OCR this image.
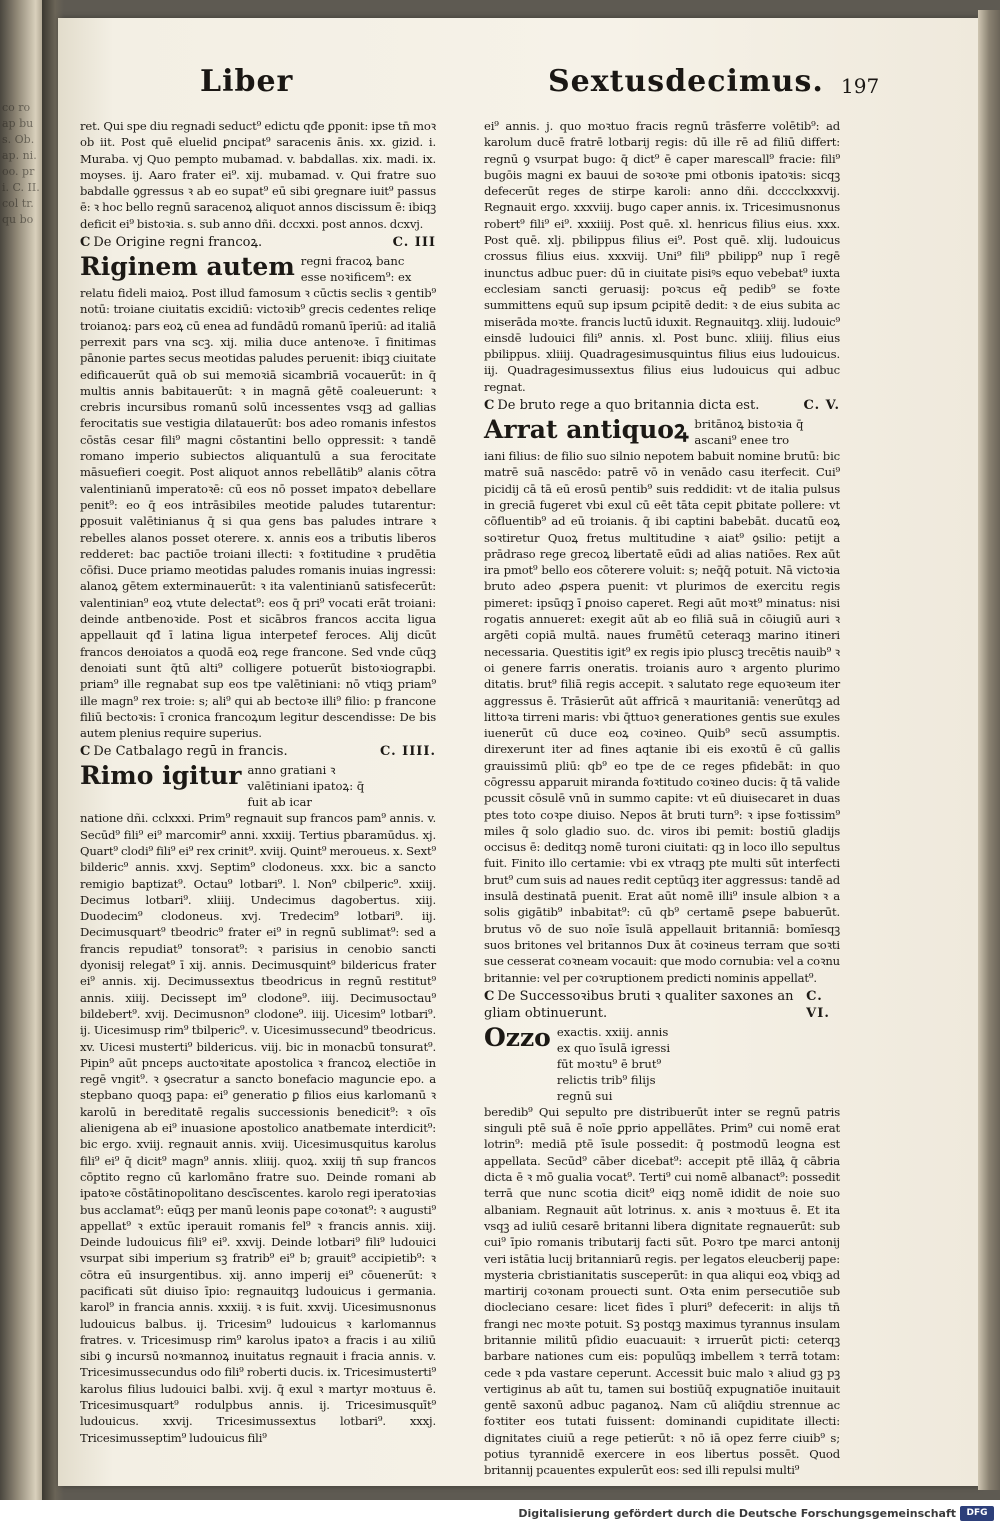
co ro ap bus. Ob. ap. ni. oo. pri. C. II. col tr. qu bo
Liber	Sextusdecimus. 197

ret. Qui spe diu regnadi seduct⁹ edictu qđe ꝑponit: ipse tn̄ moꝛ ob iit. Post quē eluelid ꝑncipat⁹ saracenis ānis. xx. gizid. i. Muraba. vj Quo pempto mubamad. v. babdallas. xix. madi. ix. moyses. ij. Aaro frater ei⁹. xij. mubamad. v. Qui fratre suo babdalle ꝯgressus ꝛ ab eo supat⁹ eū sibi ꝯregnare iuit⁹ passus ē: ꝛ hoc bello regnū saracenoꝝ aliquot annos discissum ē: ibiqꝫ deficit ei⁹ bistoꝛia. s. sub anno dñi. dccxxi. post annos. dcxvj.

C De Origine regni francoꝝ.	C. III
Riginem autem regni fracoꝝ banc esse noꝛificem⁹: ex

relatu fideli maioꝝ. Post illud famosum ꝛ cūctis seclis ꝛ gentib⁹ notū: troiane ciuitatis excidiū: victoꝛib⁹ grecis cedentes reliqe troianoꝝ: pars eoꝝ cū enea ad fundādū romanū īperiū: ad italiā perrexit pars vna scꝫ. xij. milia duce antenoꝛe. ī finitimas pānonie partes secus meotidas paludes peruenit: ibiqꝫ ciuitate edificauerūt quā ob sui memoꝛiā sicambriā vocauerūt: in q̄ multis annis babitauerūt: ꝛ in magnā gētē coaleuerunt: ꝛ crebris incursibus romanū solū incessentes vsqꝫ ad gallias ferocitatis sue vestigia dilatauerūt: bos adeo romanis infestos cōstās cesar fili⁹ magni cōstantini bello oppressit: ꝛ tandē romano imperio subiectos aliquantulū a sua ferocitate māsuefieri coegit. Post aliquot annos rebellātib⁹ alanis cōtra valentinianū imperatoꝛē: cū eos nō posset impatoꝛ debellare penit⁹: eo q̄ eos intrāsibiles meotide paludes tutarentur: ꝑposuit valētinianus q̄ si qua gens bas paludes intrare ꝛ rebelles alanos posset oterere. x. annis eos a tributis liberos redderet: bac pactiōe troiani illecti: ꝛ foꝛtitudine ꝛ prudētia cōfisi. Duce priamo meotidas paludes romanis inuias ingressi: alanoꝝ gētem exterminauerūt: ꝛ ita valentinianū satisfecerūt: valentinian⁹ eoꝝ vtute delectat⁹: eos q̄ pri⁹ vocati erāt troiani: deinde antbenoꝛide. Post et sicābros francos accita ligua appellauit qđ ī latina ligua interpetef feroces. Alij dicūt francos deноiatos a quodā eoꝝ rege francone. Sed vnde cūqꝫ denoiati sunt q̄tū alti⁹ colligere potuerūt bistoꝛiograpbi. priam⁹ ille regnabat sup eos tpe valētiniani: nō vtiqꝫ priam⁹ ille magn⁹ rex troie: s; ali⁹ qui ab bectoꝛe illi⁹ filio: p francone filiū bectoꝛis: ī cronica francoꝝum legitur descendisse: De bis autem plenius require superius.

C De Catbalago regū in francis.	C. IIII.
Rimo igitur anno gratiani ꝛ valētiniani ipatoꝝ: q̄ fuit ab icar

natione dñi. cclxxxi. Prim⁹ regnauit sup francos pam⁹ annis. v. Secūd⁹ fili⁹ ei⁹ marcomir⁹ anni. xxxiij. Tertius pbaramūdus. xj. Quart⁹ clodi⁹ fili⁹ ei⁹ rex crinit⁹. xviij. Quint⁹ meroueus. x. Sext⁹ bilderic⁹ annis. xxvj. Septim⁹ clodoneus. xxx. bic a sancto remigio baptizat⁹. Octau⁹ lotbari⁹. l. Non⁹ cbilperic⁹. xxiij. Decimus lotbari⁹. xliiij. Undecimus dagobertus. xiij. Duodecim⁹ clodoneus. xvj. Tredecim⁹ lotbari⁹. iij. Decimusquart⁹ tbeodric⁹ frater ei⁹ in regnū sublimat⁹: sed a francis repudiat⁹ tonsorat⁹: ꝛ parisius in cenobio sancti dyonisij relegat⁹ ī xij. annis. Decimusquint⁹ bildericus frater ei⁹ annis. xij. Decimussextus tbeodricus in regnū restitut⁹ annis. xiiij. Decissept im⁹ clodone⁹. iiij. Decimusoctau⁹ bildebert⁹. xvij. Decimusnon⁹ clodone⁹. iiij. Uicesim⁹ lotbari⁹. ij. Uicesimusp rim⁹ tbilperic⁹. v. Uicesimussecund⁹ tbeodricus. xv. Uicesi musterti⁹ bildericus. viij. bic in monacbū tonsurat⁹. Pipin⁹ aūt pnceps auctoꝛitate apostolica ꝛ francoꝝ electiōe in regē vngit⁹. ꝛ ꝯsecratur a sancto bonefacio maguncie epo. a stepbano quoqꝫ papa: ei⁹ generatio ꝑ filios eius karlomanū ꝛ karolū in bereditatē regalis successionis benedicit⁹: ꝛ oīs alienigena ab ei⁹ inuasione apostolico anatbemate interdicit⁹: bic ergo. xviij. regnauit annis. xviij. Uicesimusquitus karolus fili⁹ ei⁹ q̄ dicit⁹ magn⁹ annis. xliiij. quoꝝ. xxiij tn̄ sup francos cōptito regno cū karlomāno fratre suo. Deinde romani ab ipatoꝛe cōstātinopolitano descīscentes. karolo regi iperatoꝛias bus acclamat⁹: eūqꝫ per manū leonis pape coꝛonat⁹: ꝛ augusti⁹ appellat⁹ ꝛ extūc iperauit romanis fel⁹ ꝛ francis annis. xiij. Deinde ludouicus fili⁹ ei⁹. xxvij. Deinde lotbari⁹ fili⁹ ludouici vsurpat sibi imperium sꝫ fratrib⁹ ei⁹ b; grauit⁹ accipietib⁹: ꝛ cōtra eū insurgentibus. xij. anno imperij ei⁹ cōuenerūt: ꝛ pacificati sūt diuiso īpio: regnauitqꝫ ludouicus i germania. karol⁹ in francia annis. xxxiij. ꝛ is fuit. xxvij. Uicesimusnonus ludouicus balbus. ij. Tricesim⁹ ludouicus ꝛ karlomannus fratres. v. Tricesimusp rim⁹ karolus ipatoꝛ a fracis i au xiliū sibi ꝯ incursū noꝛmannoꝝ inuitatus regnauit i fracia annis. v. Tricesimussecundus odo fili⁹ roberti ducis. ix. Tricesimusterti⁹ karolus filius ludouici balbi. xvij. q̄ exul ꝛ martyr moꝛtuus ē. Tricesimusquart⁹ rodulpbus annis. ij. Tricesimusquīt⁹ ludouicus. xxvij. Tricesimussextus lotbari⁹. xxxj. Tricesimusseptim⁹ ludouicus fili⁹

ei⁹ annis. j. quo moꝛtuo fracis regnū trāsferre volētib⁹: ad karolum ducē fratrē lotbarij regis: dū ille rē ad filiū differt: regnū ꝯ vsurpat bugo: q̄ dict⁹ ē caper marescall⁹ fracie: fili⁹ bugōis magni ex bauui de soꝛoꝛe pmi otbonis ipatoꝛis: sicqꝫ defecerūt reges de stirpe karoli: anno dñi. dcccclxxxvij. Regnauit ergo. xxxviij. bugo caper annis. ix. Tricesimusnonus robert⁹ fili⁹ ei⁹. xxxiiij. Post quē. xl. henricus filius eius. xxx. Post quē. xlj. pbilippus filius ei⁹. Post quē. xlij. ludouicus crossus filius eius. xxxviij. Uni⁹ fili⁹ pbilipp⁹ nup ī regē inunctus adbuc puer: dū in ciuitate pisiꝰs equo vebebat⁹ iuxta ecclesiam sancti geruasij: poꝛcus eq̄ pedib⁹ se foꝛte summittens equū sup ipsum ꝑcipitē dedit: ꝛ de eius subita ac miserāda moꝛte. francis luctū iduxit. Regnauitqꝫ. xliij. ludouic⁹ einsdē ludouici fili⁹ annis. xl. Post bunc. xliiij. filius eius pbilippus. xliiij. Quadragesimusquintus filius eius ludouicus. iij. Quadragesimussextus filius eius ludouicus qui adbuc regnat.

C De bruto rege a quo britannia dicta est.	C. V.
Arrat antiquoꝝ britānoꝝ bistoꝛia q̄ ascani⁹ enee tro

iani filius: de filio suo silnio nepotem babuit nomine brutū: bic matrē suā nascēdo: patrē vō in venādo casu iterfecit. Cui⁹ picidij cā tā eū erosū pentib⁹ suis reddidit: vt de italia pulsus in greciā fugeret vbi exul cū eēt tāta cepit ꝑbitate pollere: vt cōfluentib⁹ ad eū troianis. q̄ ibi captini babebāt. ducatū eoꝝ soꝛtiretur Quoꝝ fretus multitudine ꝛ aiat⁹ ꝯsilio: petijt a prādraso rege grecoꝝ libertatē eūdi ad alias natiōes. Rex aūt ira pmot⁹ bello eos cōterere voluit: s; neq̄q̄ potuit. Nā victoꝛia bruto adeo ꝓspera puenit: vt plurimos de exercitu regis pimeret: ipsūqꝫ ī ꝑnoiso caperet. Regi aūt moꝛt⁹ minatus: nisi rogatis annueret: exegit aūt ab eo filiā suā in cōiugiū auri ꝛ argēti copiā multā. naues frumētū ceteraqꝫ marino itineri necessaria. Questitis igit⁹ ex regis ipio pluscꝫ trecētis nauib⁹ ꝛ oi genere farris oneratis. troianis auro ꝛ argento plurimo ditatis. brut⁹ filiā regis accepit. ꝛ salutato rege equoꝛeum iter aggressus ē. Trāsierūt aūt affricā ꝛ mauritaniā: venerūtqꝫ ad littoꝛa tirreni maris: vbi q̄ttuoꝛ generationes gentis sue exules iuenerūt cū duce eoꝝ coꝛineo. Quib⁹ secū assumptis. direxerunt iter ad fines aqtanie ibi eis exoꝛtū ē cū gallis grauissimū pliū: qb⁹ eo tpe de ce reges pfidebāt: in quo cōgressu apparuit miranda foꝛtitudo coꝛineo ducis: q̄ tā valide pcussit cōsulē vnū in summo capite: vt eū diuisecaret in duas ptes toto coꝛpe diuiso. Nepos āt bruti turn⁹: ꝛ ipse foꝛtissim⁹ miles q̄ solo gladio suo. dc. viros ibi pemit: bostiū gladijs occisus ē: deditqꝫ nomē turoni ciuitati: qꝫ in loco illo sepultus fuit. Finito illo certamie: vbi ex vtraqꝫ pte multi sūt interfecti brut⁹ cum suis ad naues redit ceptūqꝫ iter aggressus: tandē ad insulā destinatā puenit. Erat aūt nomē illi⁹ insule albion ꝛ a solis gigātib⁹ inbabitat⁹: cū qb⁹ certamē ꝑsepe babuerūt. brutus vō de suo noīe īsulā appellauit britanniā: bomīesqꝫ suos britones vel britannos Dux āt coꝛineus terram que soꝛti sue cesserat coꝛneam vocauit: que modo cornubia: vel a coꝛnu britannie: vel per coꝛruptionem predicti nominis appellat⁹.

C De Successoꝛibus bruti ꝛ qualiter saxones an gliam obtinuerunt.
C. VI.
Ozzo exactis. xxiij. annis ex quo īsulā igressi fūt moꝛtu⁹ ē brut⁹ relictis trib⁹ filijs regnū sui

beredib⁹ Qui sepulto pre distribuerūt inter se regnū patris singuli ptē suā ē noīe ꝑprio appellātes. Prim⁹ cui nomē erat lotrin⁹: mediā ptē īsule possedit: q̄ postmodū leogna est appellata. Secūd⁹ cāber dicebat⁹: accepit ptē illāꝝ q̄ cābria dicta ē ꝛ mō gualia vocat⁹. Terti⁹ cui nomē albanact⁹: possedit terrā que nunc scotia dicit⁹ eiqꝫ nomē ididit de noie suo albaniam. Regnauit aūt lotrinus. x. anis ꝛ moꝛtuus ē. Et ita vsqꝫ ad iuliū cesarē britanni libera dignitate regnauerūt: sub cui⁹ īpio romanis tributarij facti sūt. Poꝛro tpe marci antonij veri istātia lucij britanniarū regis. per legatos eleucberij pape: mysteria cbristianitatis susceperūt: in qua aliqui eoꝝ vbiqꝫ ad martirij coꝛonam prouecti sunt. Oꝛta enim persecutiōe sub diocleciano cesare: licet fides ī pluri⁹ defecerit: in alijs tn̄ frangi nec moꝛte potuit. Sꝫ postqꝫ maximus tyrannus insulam britannie militū pſidio euacuauit: ꝛ irruerūt picti: ceterqꝫ barbare nationes cum eis: populūqꝫ imbellem ꝛ terrā totam: cede ꝛ pda vastare ceperunt. Accessit buic malo ꝛ aliud gꝫ pꝫ vertiginus ab aūt tu, tamen sui bostiūq̄ expugnatiōe inuitauit gentē saxonū adbuc paganoꝝ. Nam cū aliq̄diu strennue ac foꝛtiter eos tutati fuissent: dominandi cupiditate illecti: dignitates ciuiū a rege petierūt: ꝛ nō iā opez ferre ciuib⁹ s; potius tyrannidē exercere in eos libertus possēt. Quod britannij pcauentes expulerūt eos: sed illi repulsi multi⁹

Digitalisierung gefördert durch die Deutsche Forschungsgemeinschaft	DFG
